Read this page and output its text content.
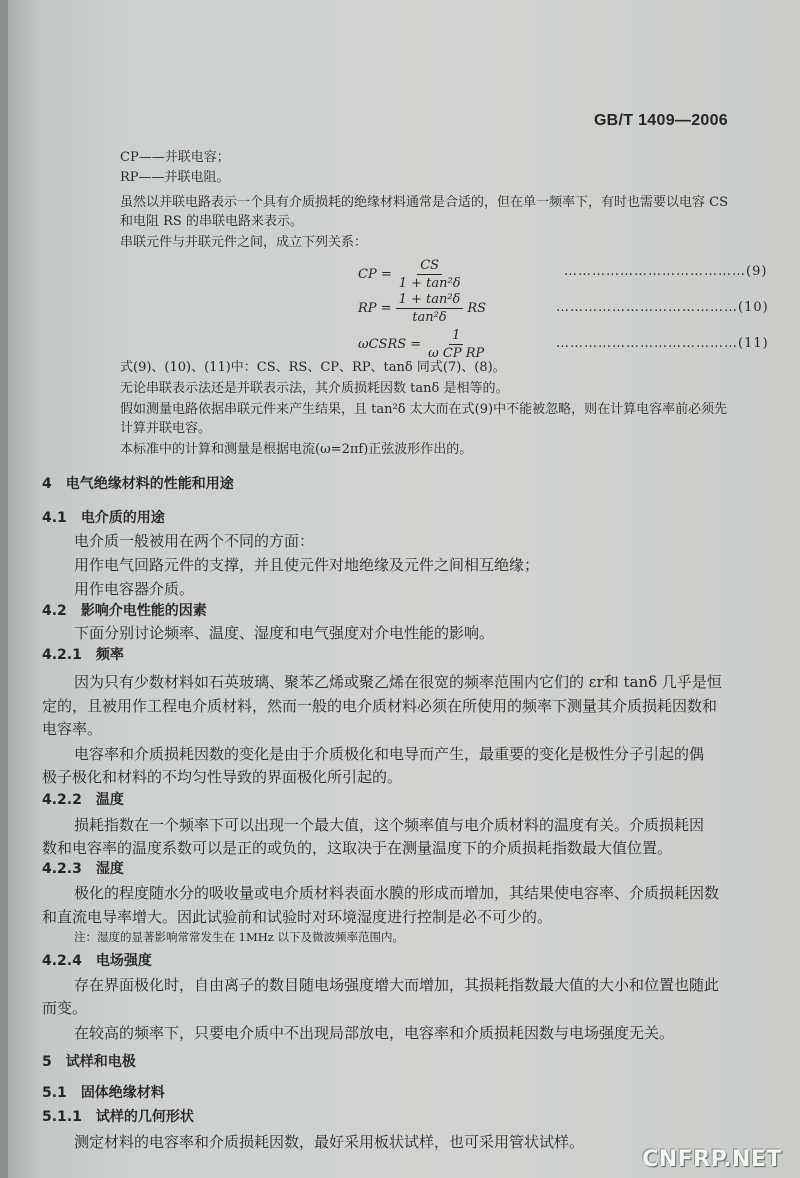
GB/T 1409—2006
CP——并联电容；
RP——并联电阻。
虽然以并联电路表示一个具有介质损耗的绝缘材料通常是合适的，但在单一频率下，有时也需要以电容 CS
和电阻 RS 的串联电路来表示。
串联元件与并联元件之间，成立下列关系：
CP = $\frac{CS}{\text{1 + tan²δ}}$	…………………………………(9)
RP = $\frac{\text{1 + tan²δ}}{\text{tan²δ}}$ RS	…………………………………(10)
ωCSRS = $\frac{1}{\text{ω CP RP}}$	…………………………………(11)
式(9)、(10)、(11)中：CS、RS、CP、RP、tanδ 同式(7)、(8)。
无论串联表示法还是并联表示法，其介质损耗因数 tanδ 是相等的。
假如测量电路依据串联元件来产生结果，且 tan²δ 太大而在式(9)中不能被忽略，则在计算电容率前必须先
计算并联电容。
本标准中的计算和测量是根据电流(ω=2πf)正弦波形作出的。
4 电气绝缘材料的性能和用途
4.1 电介质的用途
电介质一般被用在两个不同的方面：
用作电气回路元件的支撑，并且使元件对地绝缘及元件之间相互绝缘；
用作电容器介质。
4.2 影响介电性能的因素
下面分别讨论频率、温度、湿度和电气强度对介电性能的影响。
4.2.1 频率
因为只有少数材料如石英玻璃、聚苯乙烯或聚乙烯在很宽的频率范围内它们的 εr和 tanδ 几乎是恒
定的，且被用作工程电介质材料，然而一般的电介质材料必须在所使用的频率下测量其介质损耗因数和
电容率。
电容率和介质损耗因数的变化是由于介质极化和电导而产生，最重要的变化是极性分子引起的偶
极子极化和材料的不均匀性导致的界面极化所引起的。
4.2.2 温度
损耗指数在一个频率下可以出现一个最大值，这个频率值与电介质材料的温度有关。介质损耗因
数和电容率的温度系数可以是正的或负的，这取决于在测量温度下的介质损耗指数最大值位置。
4.2.3 湿度
极化的程度随水分的吸收量或电介质材料表面水膜的形成而增加，其结果使电容率、介质损耗因数
和直流电导率增大。因此试验前和试验时对环境湿度进行控制是必不可少的。
注：湿度的显著影响常常发生在 1MHz 以下及微波频率范围内。
4.2.4 电场强度
存在界面极化时，自由离子的数目随电场强度增大而增加，其损耗指数最大值的大小和位置也随此
而变。
在较高的频率下，只要电介质中不出现局部放电，电容率和介质损耗因数与电场强度无关。
5 试样和电极
5.1 固体绝缘材料
5.1.1 试样的几何形状
测定材料的电容率和介质损耗因数，最好采用板状试样，也可采用管状试样。
CNFRP.NET
